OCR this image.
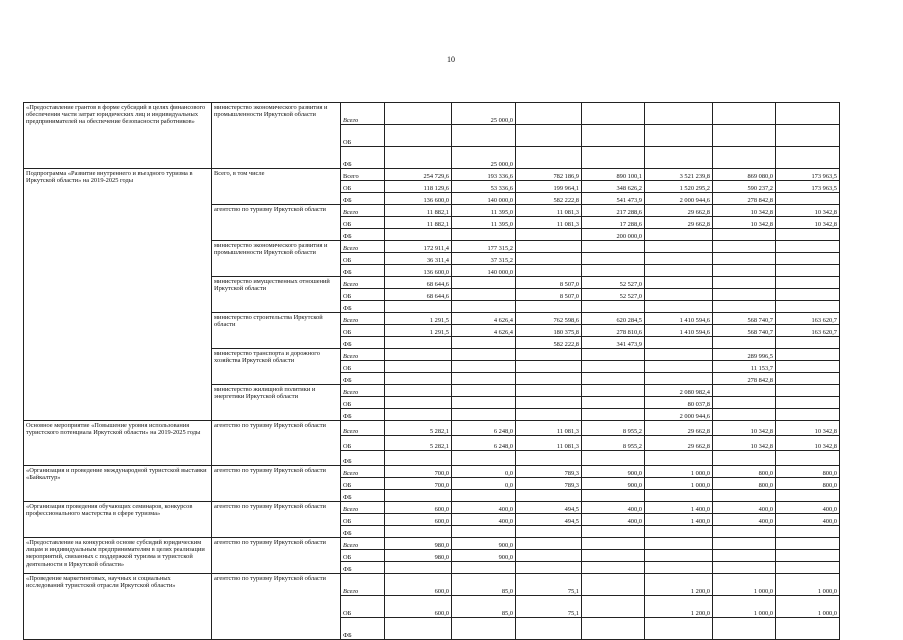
10
«Предоставление грантов в форме субсидий в целях финансового обеспечения части затрат юридических лиц и индивидуальных предпринимателей на обеспечение безопасности работников»	министерство экономического развития и промышленности Иркутской области	Всего		25 000,0					
		ОБ							
		ФБ		25 000,0					
Подпрограмма «Развитие внутреннего и въездного туризма в Иркутской области» на 2019-2025 годы	Всего, в том числе	Всего	254 729,6	193 336,6	782 186,9	890 100,1	3 521 239,8	869 080,0	173 963,5
		ОБ	118 129,6	53 336,6	199 964,1	348 626,2	1 520 295,2	590 237,2	173 963,5
		ФБ	136 600,0	140 000,0	582 222,8	541 473,9	2 000 944,6	278 842,8	
	агентство по туризму Иркутской области	Всего	11 882,1	11 395,0	11 081,3	217 288,6	29 662,8	10 342,8	10 342,8
		ОБ	11 882,1	11 395,0	11 081,3	17 288,6	29 662,8	10 342,8	10 342,8
		ФБ				200 000,0			
	министерство экономического развития и промышленности Иркутской области	Всего	172 911,4	177 315,2					
		ОБ	36 311,4	37 315,2					
		ФБ	136 600,0	140 000,0					
	министерство имущественных отношений Иркутской области	Всего	68 644,6		8 507,0	52 527,0			
		ОБ	68 644,6		8 507,0	52 527,0			
		ФБ							
	министерство строительства Иркутской области	Всего	1 291,5	4 626,4	762 598,6	620 284,5	1 410 594,6	568 740,7	163 620,7
		ОБ	1 291,5	4 626,4	180 375,8	278 810,6	1 410 594,6	568 740,7	163 620,7
		ФБ			582 222,8	341 473,9			
	министерство транспорта и дорожного хозяйства Иркутской области	Всего						289 996,5	
		ОБ						11 153,7	
		ФБ						278 842,8	
	министерство жилищной политики и энергетики Иркутской области	Всего					2 080 982,4		
		ОБ					80 037,8		
		ФБ					2 000 944,6		
Основное мероприятие «Повышение уровня использования туристского потенциала Иркутской области» на 2019-2025 годы	агентство по туризму Иркутской области	Всего	5 282,1	6 248,0	11 081,3	8 955,2	29 662,8	10 342,8	10 342,8
		ОБ	5 282,1	6 248,0	11 081,3	8 955,2	29 662,8	10 342,8	10 342,8
		ФБ							
«Организация и проведение международной туристской выставки «Байкалтур»	агентство по туризму Иркутской области	Всего	700,0	0,0	789,3	900,0	1 000,0	800,0	800,0
		ОБ	700,0	0,0	789,3	900,0	1 000,0	800,0	800,0
		ФБ							
«Организация проведения обучающих семинаров, конкурсов профессионального мастерства в сфере туризма»	агентство по туризму Иркутской области	Всего	600,0	400,0	494,5	400,0	1 400,0	400,0	400,0
		ОБ	600,0	400,0	494,5	400,0	1 400,0	400,0	400,0
		ФБ							
«Предоставление на конкурсной основе субсидий юридическим лицам и индивидуальным предпринимателям в целях реализации мероприятий, связанных с поддержкой туризма и туристской деятельности в Иркутской области»	агентство по туризму Иркутской области	Всего	980,0	900,0					
		ОБ	980,0	900,0					
		ФБ							
«Проведение маркетинговых, научных и социальных исследований туристской отрасли Иркутской области»	агентство по туризму Иркутской области	Всего	600,0	85,0	75,1		1 200,0	1 000,0	1 000,0
		ОБ	600,0	85,0	75,1		1 200,0	1 000,0	1 000,0
		ФБ							
